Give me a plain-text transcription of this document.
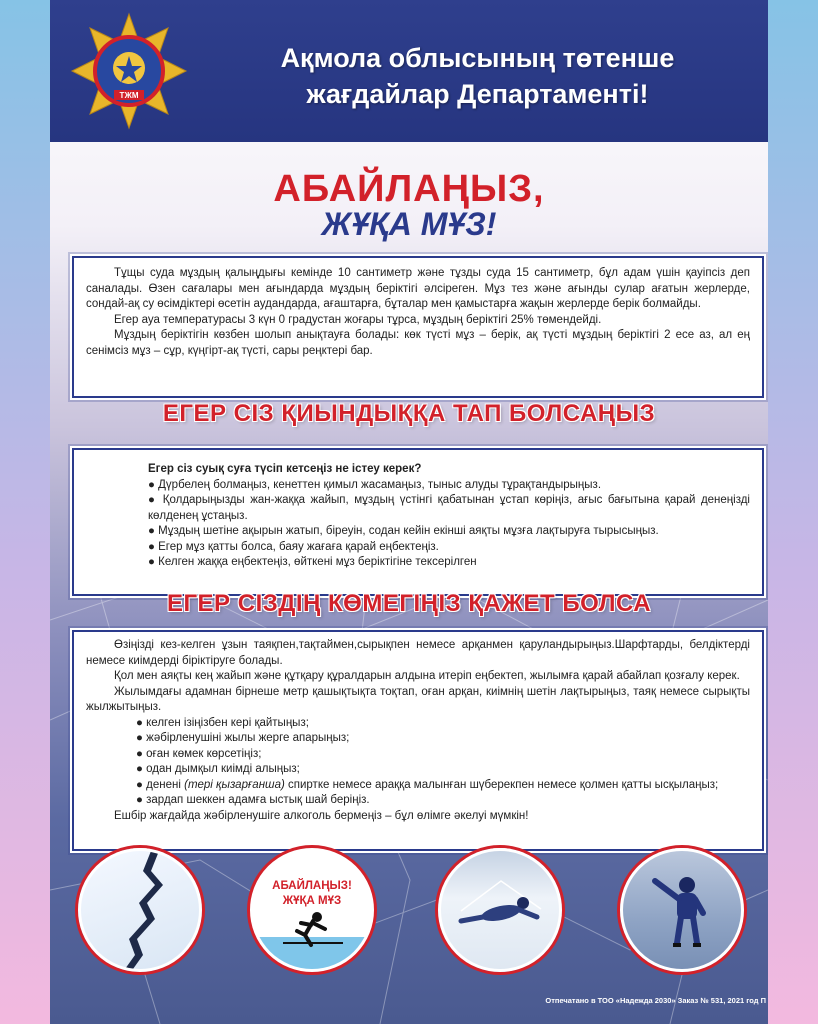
ТЖМ
Ақмола облысының төтенше
жағдайлар Департаменті!
АБАЙЛАҢЫЗ,
ЖҰҚА МҰЗ!

Тұщы суда мұздың қалыңдығы кемінде 10 сантиметр және тұзды суда 15 сантиметр, бұл адам үшін қауіпсіз деп саналады. Өзен сағалары мен ағындарда мұздың беріктігі әлсіреген. Мұз тез және ағынды сулар ағатын жерлерде, сондай-ақ су өсімдіктері өсетін аудандарда, ағаштарға, бұталар мен қамыстарға жақын жерлерде берік болмайды.

Егер ауа температурасы 3 күн 0 градустан жоғары тұрса, мұздың беріктігі 25% төмендейді.

Мұздың беріктігін көзбен шолып анықтауға болады: көк түсті мұз – берік, ақ түсті мұздың беріктігі 2 есе аз, ал ең сенімсіз мұз – сұр, күңгірт-ақ түсті, сары реңктері бар.

ЕГЕР СІЗ ҚИЫНДЫҚҚА ТАП БОЛСАҢЫЗ

Егер сіз суық суға түсіп кетсеңіз не істеу керек?

● Дүрбелең болмаңыз, кенеттен қимыл жасамаңыз, тыныс алуды тұрақтандырыңыз.

● Қолдарыңызды жан-жаққа жайып, мұздың үстінгі қабатынан ұстап көріңіз, ағыс бағытына қарай денеңізді көлденең ұстаңыз.

● Мұздың шетіне ақырын жатып, біреуін, содан кейін екінші аяқты мұзға лақтыруға тырысыңыз.

● Егер мұз қатты болса, баяу жағаға қарай еңбектеңіз.

● Келген жаққа еңбектеңіз, өйткені мұз беріктігіне тексерілген

ЕГЕР СІЗДІҢ КӨМЕГІҢІЗ ҚАЖЕТ БОЛСА

Өзіңізді кез-келген ұзын таяқпен,тақтаймен,сырықпен немесе арқанмен қаруландырыңыз.Шарфтарды, белдіктерді немесе киімдерді біріктіруге болады.

Қол мен аяқты кең жайып және құтқару құралдарын алдына итеріп еңбектеп, жылымға қарай абайлап қозғалу керек.

Жылымдағы адамнан бірнеше метр қашықтықта тоқтап, оған арқан, киімнің шетін лақтырыңыз, таяқ немесе сырықты жылжытыңыз.

● келген ізіңізбен кері қайтыңыз;

● жәбірленушіні жылы жерге апарыңыз;

● оған көмек көрсетіңіз;

● одан дымқыл киімді алыңыз;

● денені (тері қызарғанша) спиртке немесе араққа малынған шүберекпен немесе қолмен қатты ысқылаңыз;

● зардап шеккен адамға ыстық шай беріңіз.

Ешбір жағдайда жәбірленушіге алкоголь бермеңіз – бұл өлімге әкелуі мүмкін!

АБАЙЛАҢЫЗ!
ЖҰҚА МҰЗ
Отпечатано в ТОО «Надежда 2030» Заказ № 531, 2021 год П
